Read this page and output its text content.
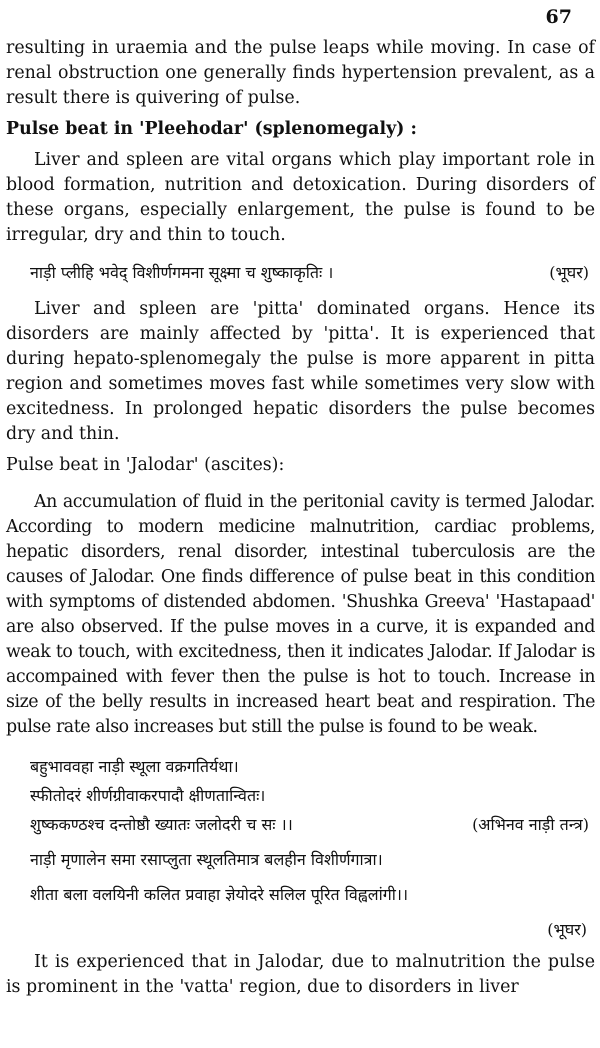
67

resulting in uraemia and the pulse leaps while moving. In case of renal obstruction one generally finds hypertension prevalent, as a result there is quivering of pulse.

Pulse beat in 'Pleehodar' (splenomegaly) :

Liver and spleen are vital organs which play important role in blood formation, nutrition and detoxication. During disorders of these organs, especially enlargement, the pulse is found to be irregular, dry and thin to touch.

नाड़ी प्लीहि भवेद् विशीर्णगमना सूक्ष्मा च शुष्काकृतिः ।	(भूघर)

Liver and spleen are 'pitta' dominated organs. Hence its disorders are mainly affected by 'pitta'. It is experienced that during hepato-splenomegaly the pulse is more apparent in pitta region and sometimes moves fast while sometimes very slow with excitedness. In prolonged hepatic disorders the pulse becomes dry and thin.

Pulse beat in 'Jalodar' (ascites):

An accumulation of fluid in the peritonial cavity is termed Jalodar. According to modern medicine malnutrition, cardiac problems, hepatic disorders, renal disorder, intestinal tuberculosis are the causes of Jalodar. One finds difference of pulse beat in this condition with symptoms of distended abdomen. 'Shushka Greeva' 'Hastapaad' are also observed. If the pulse moves in a curve, it is expanded and weak to touch, with excitedness, then it indicates Jalodar. If Jalodar is accompained with fever then the pulse is hot to touch. Increase in size of the belly results in increased heart beat and respiration. The pulse rate also increases but still the pulse is found to be weak.

बहुभाववहा नाड़ी स्थूला वक्रगतिर्यथा।
स्फीतोदरं शीर्णग्रीवाकरपादौ क्षीणतान्वितः।
शुष्ककण्ठश्च दन्तोष्ठौ ख्यातः जलोदरी च सः ।।	(अभिनव नाड़ी तन्त्र)
नाड़ी मृणालेन समा रसाप्लुता स्थूलतिमात्र बलहीन विशीर्णगात्रा।
शीता बला वलयिनी कलित प्रवाहा ज्ञेयोदरे सलिल पूरित विह्वलांगी।।
(भूघर)

It is experienced that in Jalodar, due to malnutrition the pulse is prominent in the 'vatta' region, due to disorders in liver
